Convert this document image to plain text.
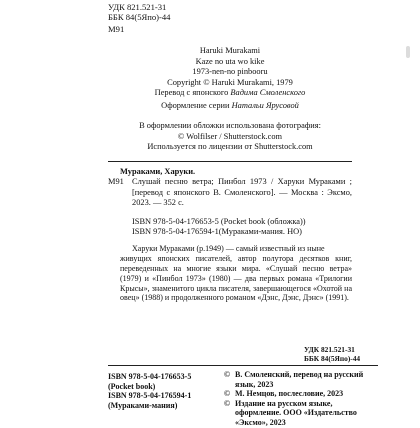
УДК 821.521-31
ББК 84(5Япо)-44
М91
Haruki Murakami
Kaze no uta wo kike
1973-nen-no pinbooru
Copyright © Haruki Murakami, 1979
Перевод с японского Вадима Смоленского
Оформление серии Натальи Ярусовой
В оформлении обложки использована фотография:
© Wolfilser / Shutterstock.com
Используется по лицензии от Shutterstock.com
Мураками, Харуки.
М91 Слушай песню ветра; Пинбол 1973 / Харуки Мураками ; [перевод с японского В. Смоленского]. — Москва : Эксмо, 2023. — 352 с.
ISBN 978-5-04-176653-5 (Pocket book (обложка))
ISBN 978-5-04-176594-1(Мураками-мания. НО)
Харуки Мураками (р.1949) — самый известный из ныне
живущих японских писателей, автор полутора десятков книг, переведенных на многие языки мира. «Слушай песню ветра» (1979) и «Пинбол 1973» (1980) — два первых романа «Трилогии Крысы», знаменитого цикла писателя, завершающегося «Охотой на овец» (1988) и продолженного романом «Дэнс, Дэнс, Дэнс» (1991).
УДК 821.521-31
ББК 84(5Япо)-44
ISBN 978-5-04-176653-5
(Pocket book)
ISBN 978-5-04-176594-1
(Мураками-мания)
© В. Смоленский, перевод на русский
язык, 2023
© М. Немцов, послесловие, 2023
© Издание на русском языке,
оформление. ООО «Издательство
«Эксмо», 2023
